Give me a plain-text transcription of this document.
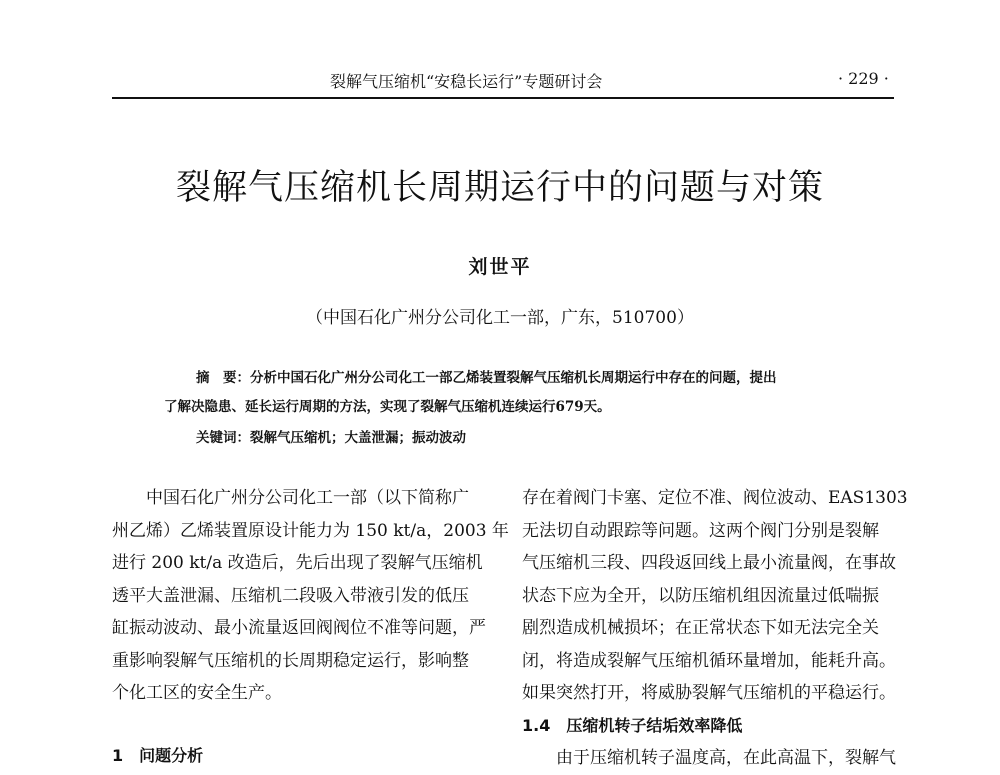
裂解气压缩机“安稳长运行”专题研讨会	· 229 ·
裂解气压缩机长周期运行中的问题与对策
刘世平
（中国石化广州分公司化工一部，广东，510700）
摘　要：分析中国石化广州分公司化工一部乙烯装置裂解气压缩机长周期运行中存在的问题，提出
了解决隐患、延长运行周期的方法，实现了裂解气压缩机连续运行679天。
关键词：裂解气压缩机；大盖泄漏；振动波动
　　中国石化广州分公司化工一部（以下简称广
州乙烯）乙烯装置原设计能力为 150 kt/a，2003 年
进行 200 kt/a 改造后，先后出现了裂解气压缩机
透平大盖泄漏、压缩机二段吸入带液引发的低压
缸振动波动、最小流量返回阀阀位不准等问题，严
重影响裂解气压缩机的长周期稳定运行，影响整
个化工区的安全生产。
1　问题分析
存在着阀门卡塞、定位不准、阀位波动、EAS1303
无法切自动跟踪等问题。这两个阀门分别是裂解
气压缩机三段、四段返回线上最小流量阀，在事故
状态下应为全开，以防压缩机组因流量过低喘振
剧烈造成机械损坏；在正常状态下如无法完全关
闭，将造成裂解气压缩机循环量增加，能耗升高。
如果突然打开，将威胁裂解气压缩机的平稳运行。
1.4　压缩机转子结垢效率降低
　　由于压缩机转子温度高，在此高温下，裂解气
